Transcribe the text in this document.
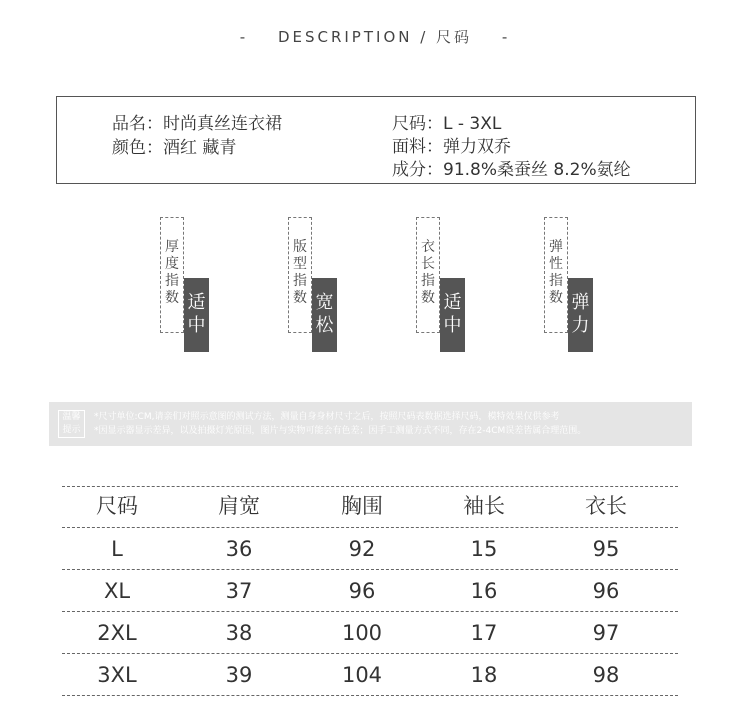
- DESCRIPTION / 尺码 -
品名：时尚真丝连衣裙
颜色：酒红 藏青
尺码：L - 3XL
面料：弹力双乔
成分：91.8%桑蚕丝 8.2%氨纶
厚
度
指
数 适
中
版
型
指
数 宽
松
衣
长
指
数 适
中
弹
性
指
数 弹
力
温馨
提示
*尺寸单位:CM,请亲们对照示意图的测试方法，测量自身身材尺寸之后，按照尺码表数据选择尺码，模特效果仅供参考
*因显示器显示差异，以及拍摄灯光原因，图片与实物可能会有色差；因手工测量方式不同，存在2-4CM误差皆属合理范围。
尺码	肩宽	胸围	袖长	衣长
L	36	92	15	95
XL	37	96	16	96
2XL	38	100	17	97
3XL	39	104	18	98
